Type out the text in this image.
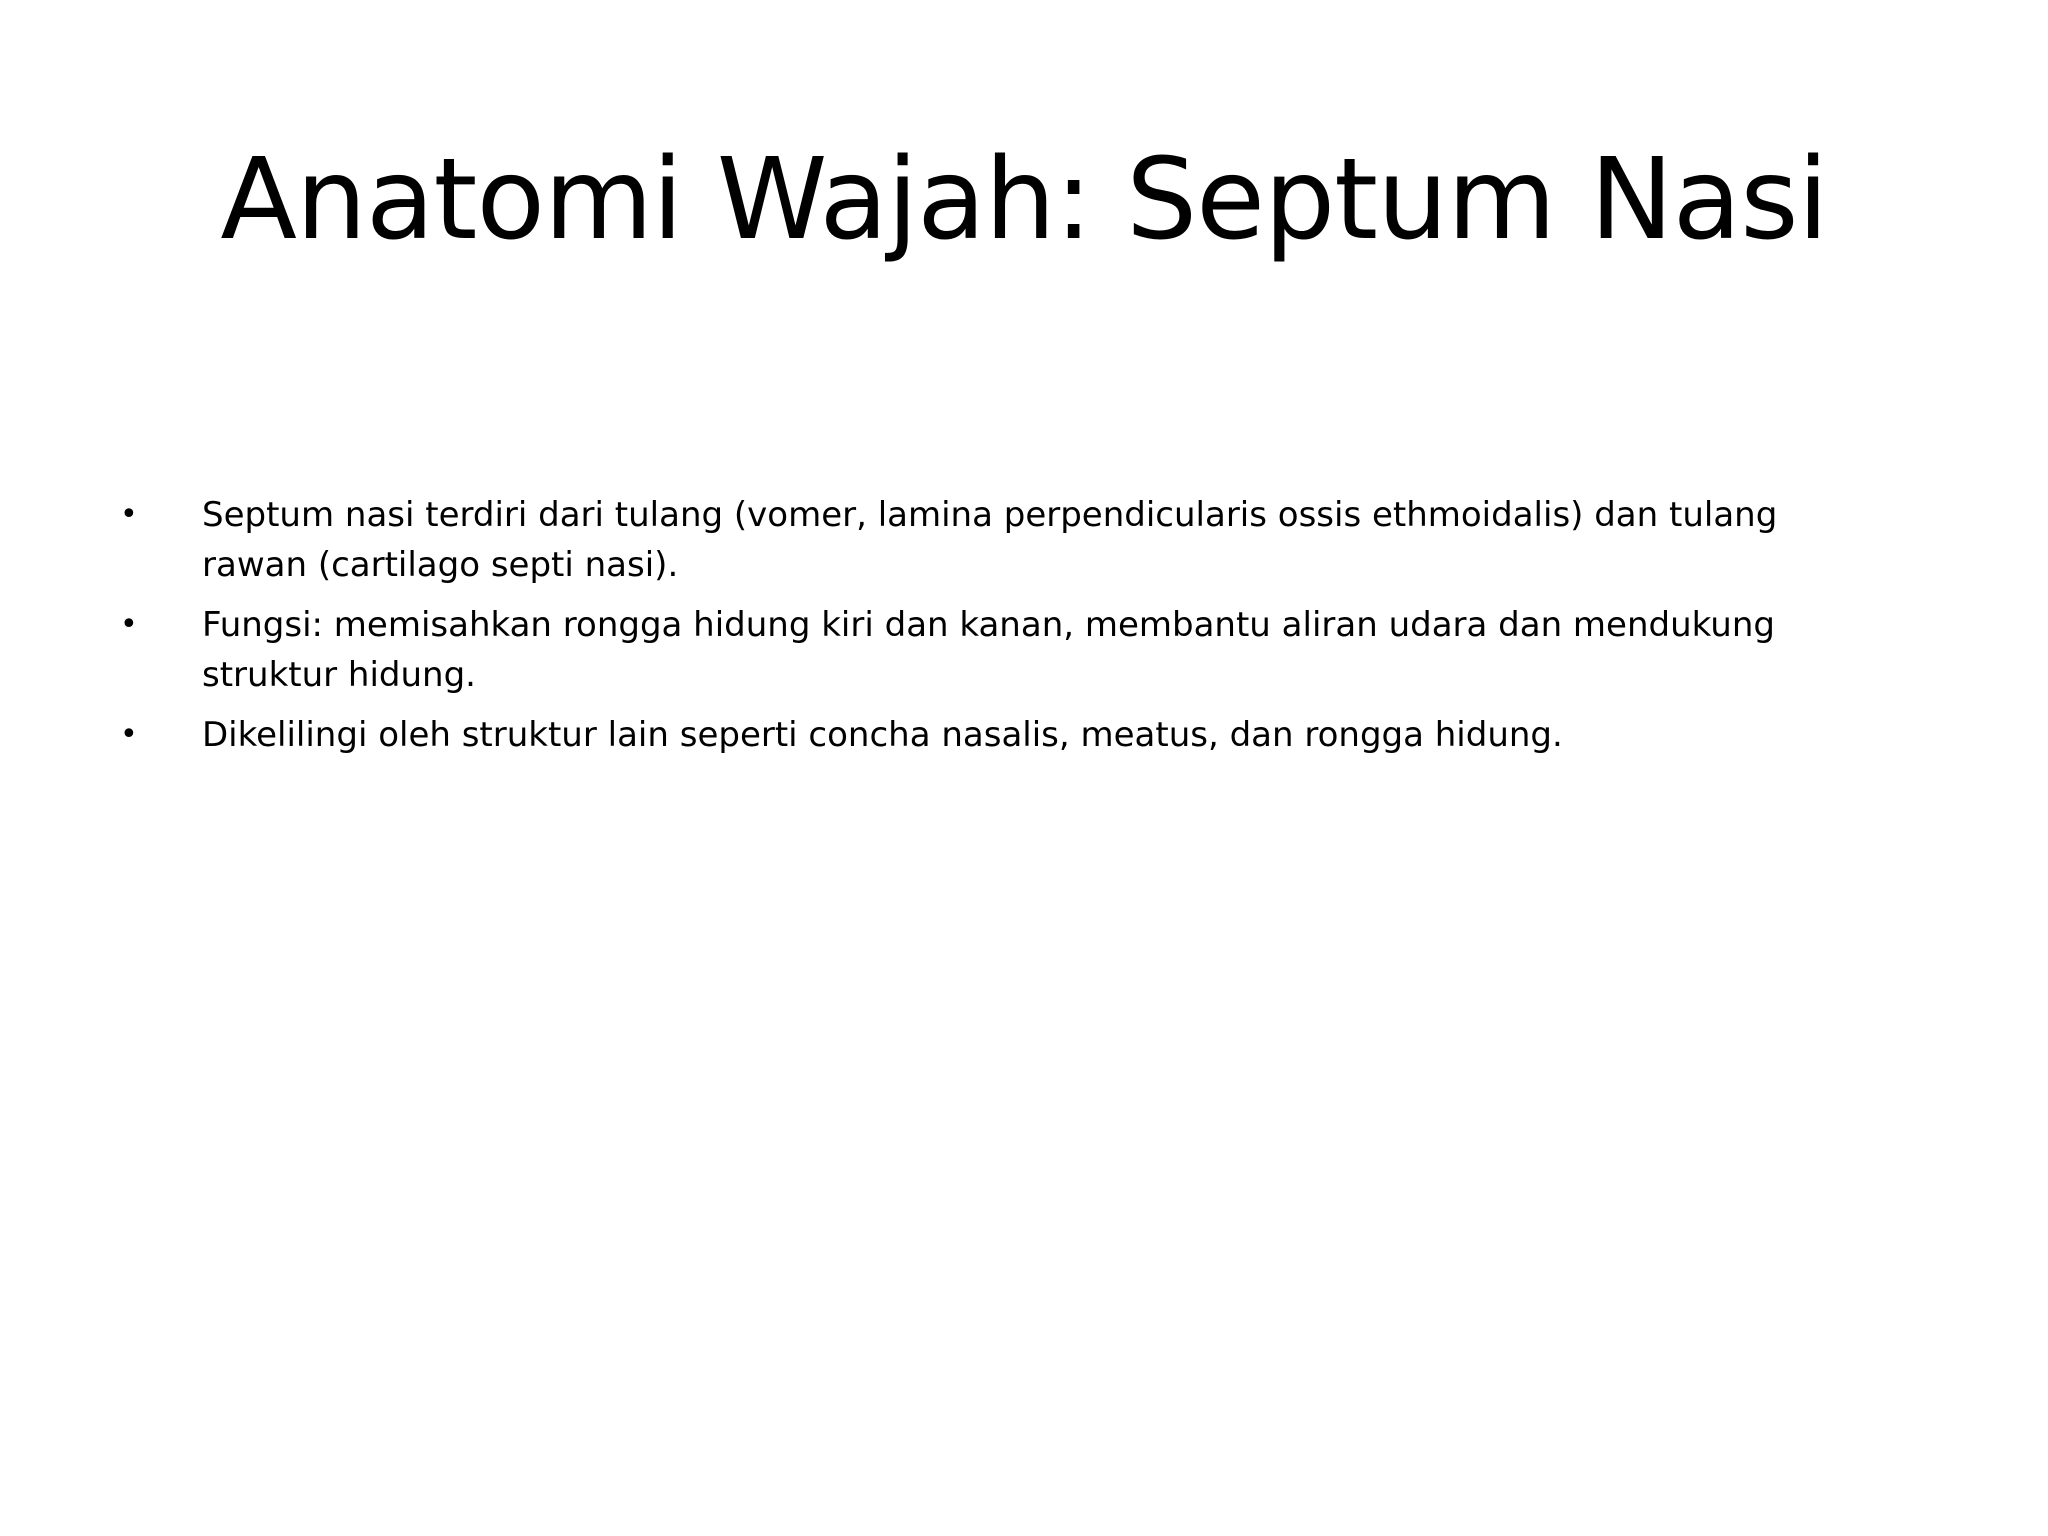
Anatomi Wajah: Septum Nasi
•	Septum nasi terdiri dari tulang (vomer, lamina perpendicularis ossis ethmoidalis) dan tulang rawan (cartilago septi nasi).
•	Fungsi: memisahkan rongga hidung kiri dan kanan, membantu aliran udara dan mendukung struktur hidung.
•	Dikelilingi oleh struktur lain seperti concha nasalis, meatus, dan rongga hidung.
